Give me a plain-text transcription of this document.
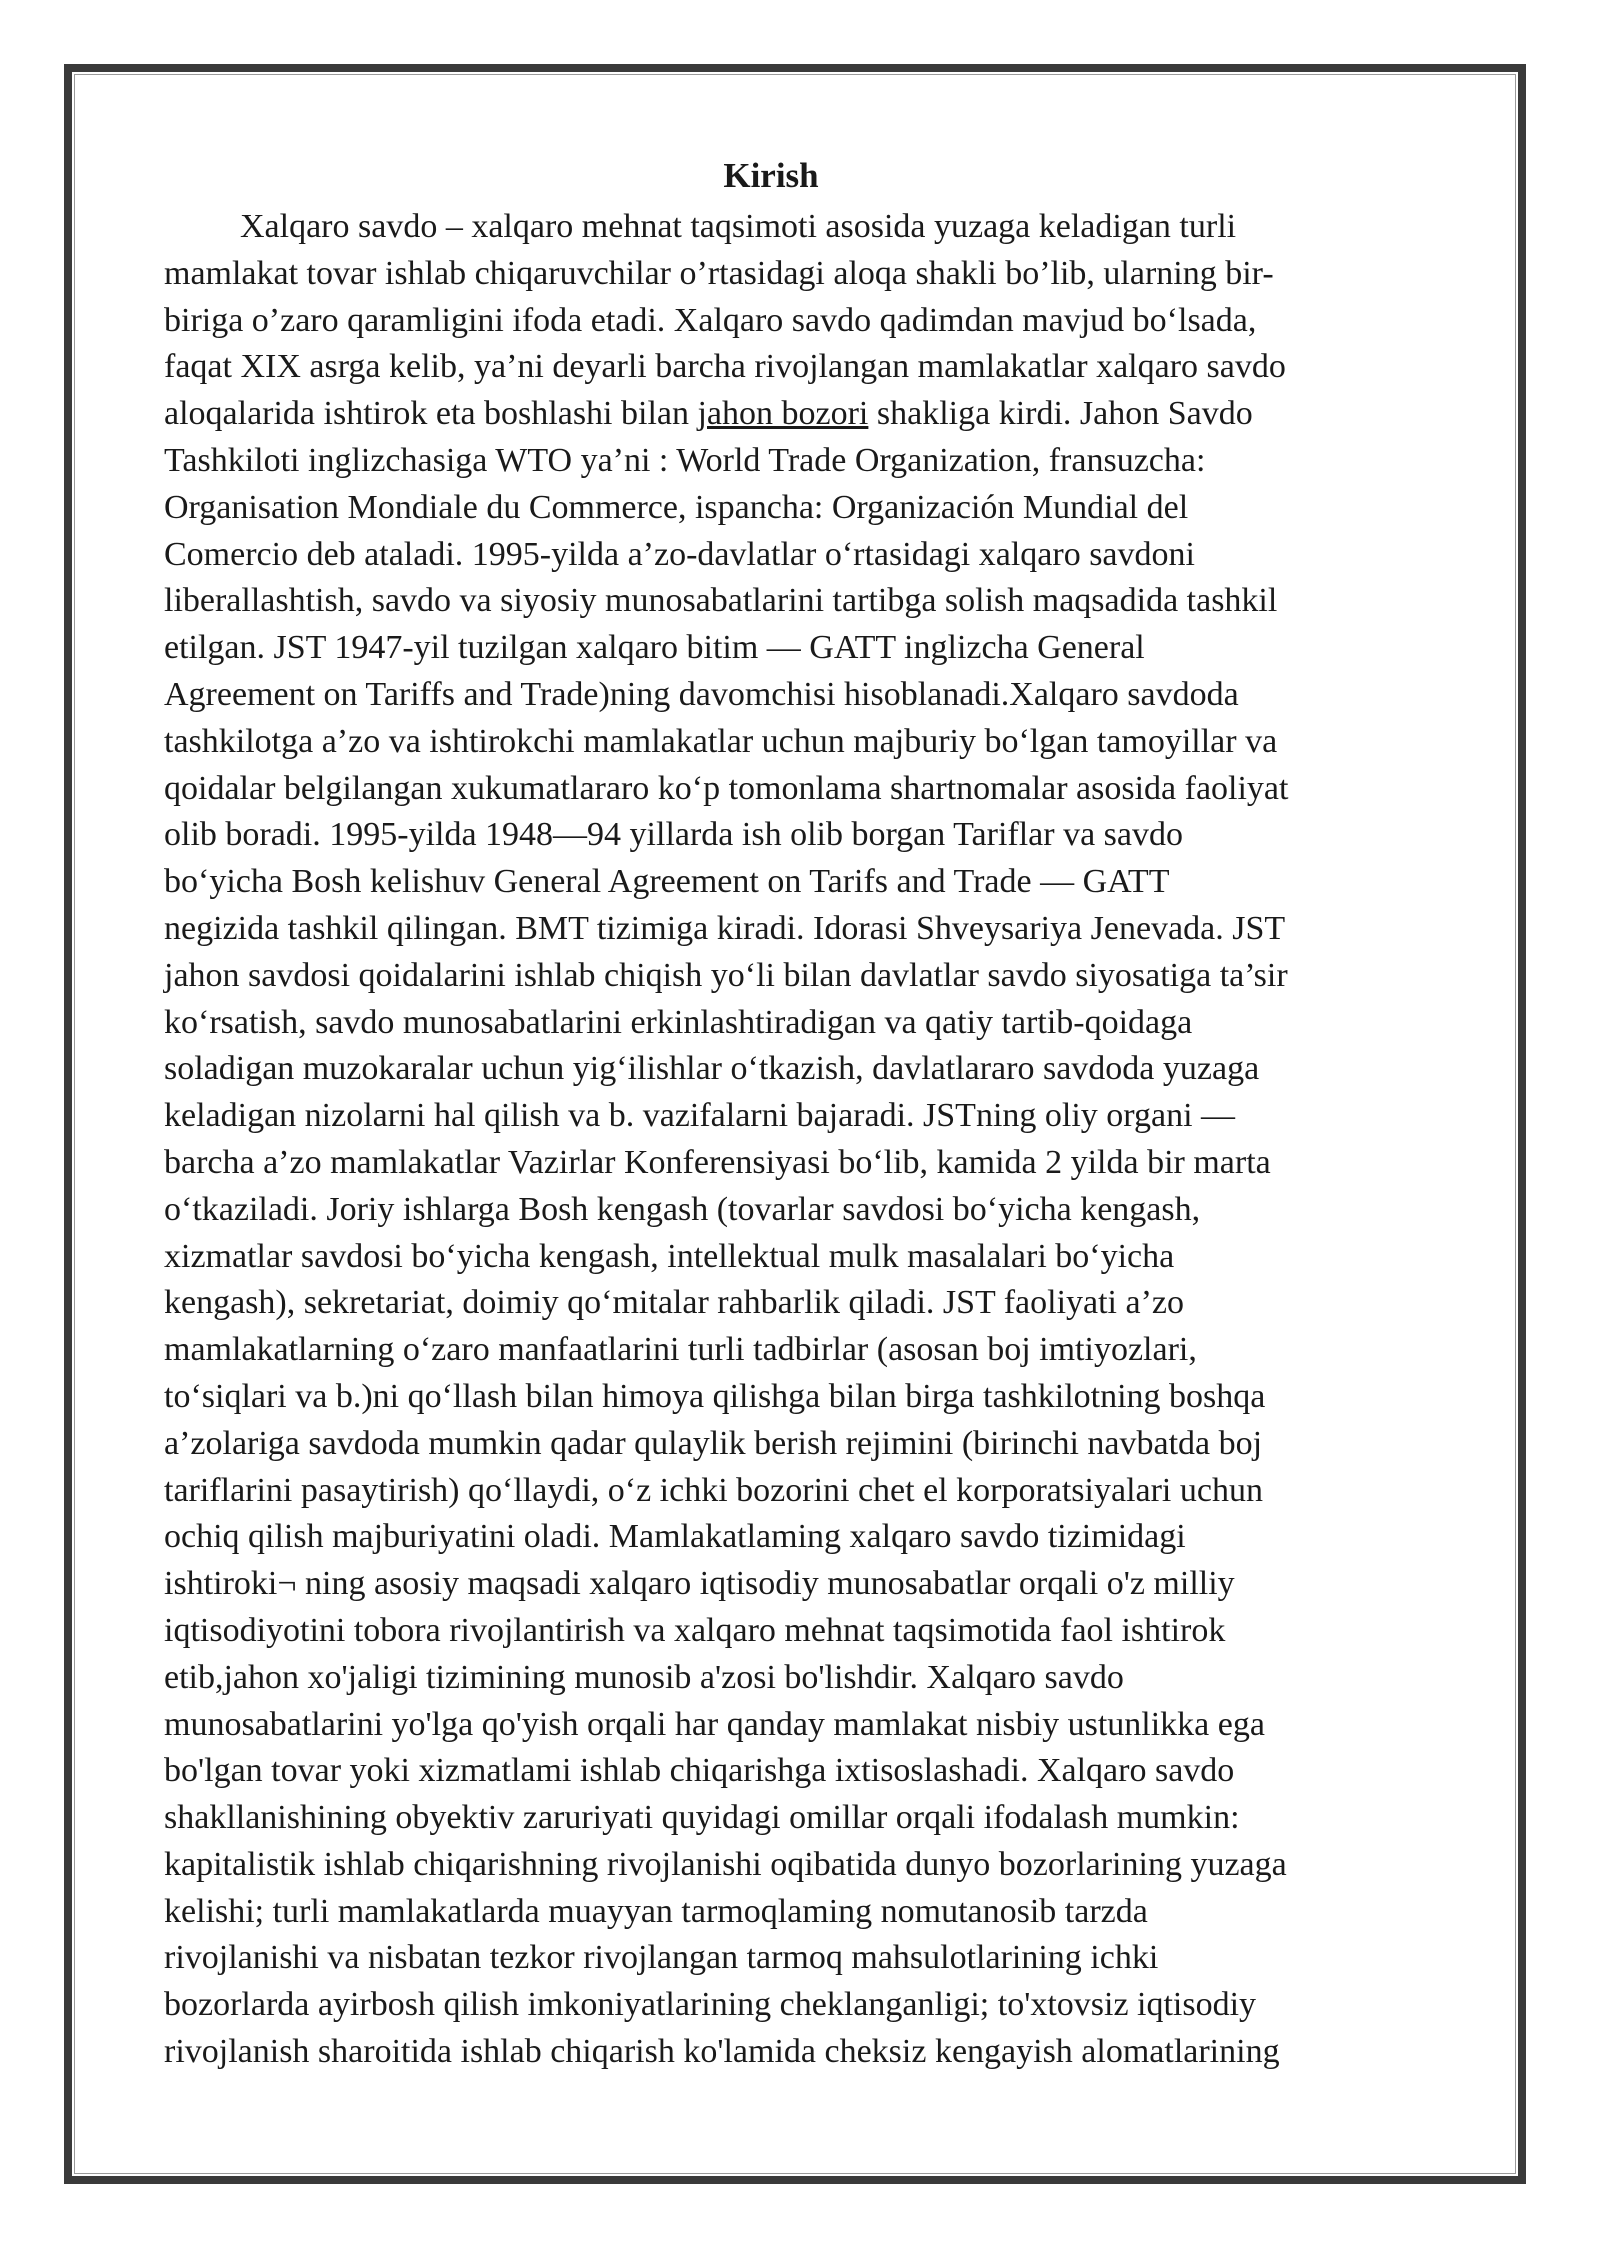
Kirish

Xalqaro savdo – xalqaro mehnat taqsimoti asosida yuzaga keladigan turli
mamlakat tovar ishlab chiqaruvchilar o’rtasidagi aloqa shakli bo’lib, ularning bir-
biriga o’zaro qaramligini ifoda etadi. Xalqaro savdo qadimdan mavjud boʻlsada,
faqat XIX asrga kelib, ya’ni deyarli barcha rivojlangan mamlakatlar xalqaro savdo
aloqalarida ishtirok eta boshlashi bilan jahon bozori shakliga kirdi. Jahon Savdo
Tashkiloti inglizchasiga WTO ya’ni : World Trade Organization, fransuzcha:
Organisation Mondiale du Commerce, ispancha: Organización Mundial del
Comercio deb ataladi. 1995-yilda a’zo-davlatlar oʻrtasidagi xalqaro savdoni
liberallashtish, savdo va siyosiy munosabatlarini tartibga solish maqsadida tashkil
etilgan. JST 1947-yil tuzilgan xalqaro bitim — GATT inglizcha General
Agreement on Tariffs and Trade)ning davomchisi hisoblanadi.Xalqaro savdoda
tashkilotga a’zo va ishtirokchi mamlakatlar uchun majburiy boʻlgan tamoyillar va
qoidalar belgilangan xukumatlararo koʻp tomonlama shartnomalar asosida faoliyat
olib boradi. 1995-yilda 1948—94 yillarda ish olib borgan Tariflar va savdo
boʻyicha Bosh kelishuv General Agreement on Tarifs and Trade — GATT
negizida tashkil qilingan. BMT tizimiga kiradi. Idorasi Shveysariya Jenevada. JST
jahon savdosi qoidalarini ishlab chiqish yoʻli bilan davlatlar savdo siyosatiga ta’sir
koʻrsatish, savdo munosabatlarini erkinlashtiradigan va qatiy tartib-qoidaga
soladigan muzokaralar uchun yigʻilishlar oʻtkazish, davlatlararo savdoda yuzaga
keladigan nizolarni hal qilish va b. vazifalarni bajaradi. JSTning oliy organi —
barcha a’zo mamlakatlar Vazirlar Konferensiyasi boʻlib, kamida 2 yilda bir marta
oʻtkaziladi. Joriy ishlarga Bosh kengash (tovarlar savdosi boʻyicha kengash,
xizmatlar savdosi boʻyicha kengash, intellektual mulk masalalari boʻyicha
kengash), sekretariat, doimiy qoʻmitalar rahbarlik qiladi. JST faoliyati a’zo
mamlakatlarning oʻzaro manfaatlarini turli tadbirlar (asosan boj imtiyozlari,
toʻsiqlari va b.)ni qoʻllash bilan himoya qilishga bilan birga tashkilotning boshqa
a’zolariga savdoda mumkin qadar qulaylik berish rejimini (birinchi navbatda boj
tariflarini pasaytirish) qoʻllaydi, oʻz ichki bozorini chet el korporatsiyalari uchun
ochiq qilish majburiyatini oladi. Mamlakatlaming xalqaro savdo tizimidagi
ishtiroki¬ ning asosiy maqsadi xalqaro iqtisodiy munosabatlar orqali o'z milliy
iqtisodiyotini tobora rivojlantirish va xalqaro mehnat taqsimotida faol ishtirok
etib,jahon xo'jaligi tizimining munosib a'zosi bo'lishdir. Xalqaro savdo
munosabatlarini yo'lga qo'yish orqali har qanday mamlakat nisbiy ustunlikka ega
bo'lgan tovar yoki xizmatlami ishlab chiqarishga ixtisoslashadi. Xalqaro savdo
shakllanishining obyektiv zaruriyati quyidagi omillar orqali ifodalash mumkin:
kapitalistik ishlab chiqarishning rivojlanishi oqibatida dunyo bozorlarining yuzaga
kelishi; turli mamlakatlarda muayyan tarmoqlaming nomutanosib tarzda
rivojlanishi va nisbatan tezkor rivojlangan tarmoq mahsulotlarining ichki
bozorlarda ayirbosh qilish imkoniyatlarining cheklanganligi; to'xtovsiz iqtisodiy
rivojlanish sharoitida ishlab chiqarish ko'lamida cheksiz kengayish alomatlarining
